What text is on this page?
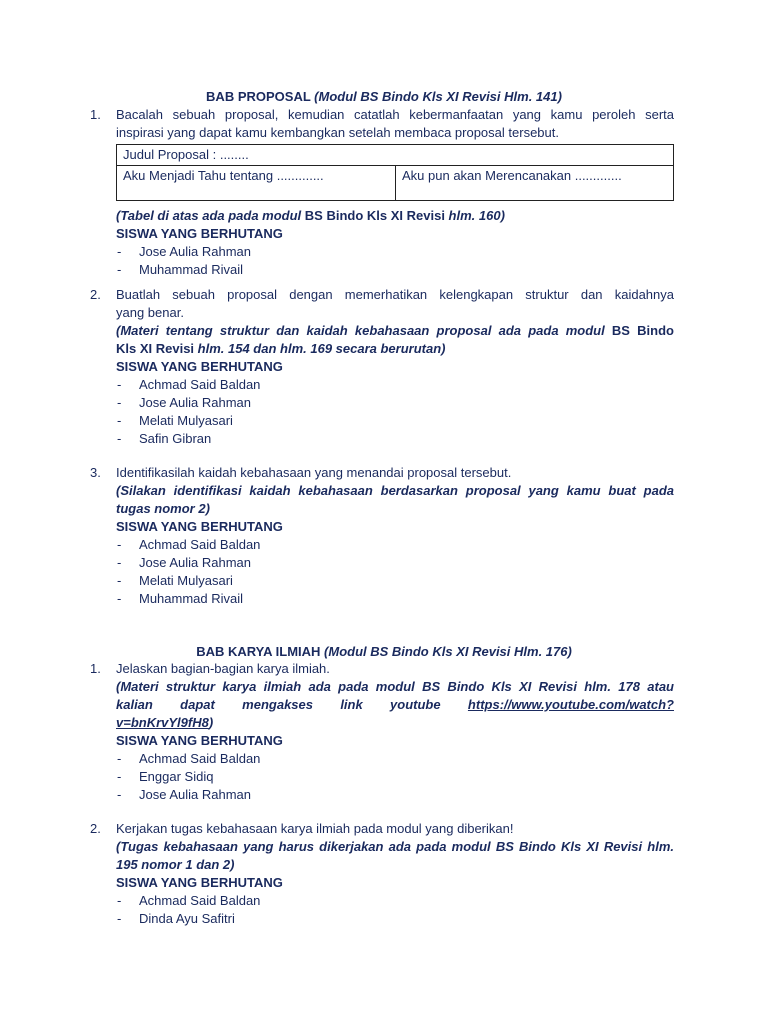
BAB PROPOSAL (Modul BS Bindo Kls XI Revisi Hlm. 141)
1.	Bacalah sebuah proposal, kemudian catatlah kebermanfaatan yang kamu peroleh serta
inspirasi yang dapat kamu kembangkan setelah membaca proposal tersebut.
Judul Proposal : ........
Aku Menjadi Tahu tentang .............	Aku pun akan Merencanakan .............
(Tabel di atas ada pada modul BS Bindo Kls XI Revisi hlm. 160)
SISWA YANG BERHUTANG
- Jose Aulia Rahman
- Muhammad Rivail
2.	Buatlah sebuah proposal dengan memerhatikan kelengkapan struktur dan kaidahnya
yang benar.
(Materi tentang struktur dan kaidah kebahasaan proposal ada pada modul BS Bindo
Kls XI Revisi hlm. 154 dan hlm. 169 secara berurutan)
SISWA YANG BERHUTANG
- Achmad Said Baldan
- Jose Aulia Rahman
- Melati Mulyasari
- Safin Gibran
3.	Identifikasilah kaidah kebahasaan yang menandai proposal tersebut.
(Silakan identifikasi kaidah kebahasaan berdasarkan proposal yang kamu buat pada
tugas nomor 2)
SISWA YANG BERHUTANG
- Achmad Said Baldan
- Jose Aulia Rahman
- Melati Mulyasari
- Muhammad Rivail
BAB KARYA ILMIAH (Modul BS Bindo Kls XI Revisi Hlm. 176)
1.	Jelaskan bagian-bagian karya ilmiah.
(Materi struktur karya ilmiah ada pada modul BS Bindo Kls XI Revisi hlm. 178 atau
kalian dapat mengakses link youtube https://www.youtube.com/watch?
v=bnKrvYl9fH8)
SISWA YANG BERHUTANG
- Achmad Said Baldan
- Enggar Sidiq
- Jose Aulia Rahman
2.	Kerjakan tugas kebahasaan karya ilmiah pada modul yang diberikan!
(Tugas kebahasaan yang harus dikerjakan ada pada modul BS Bindo Kls XI Revisi hlm.
195 nomor 1 dan 2)
SISWA YANG BERHUTANG
- Achmad Said Baldan
- Dinda Ayu Safitri
